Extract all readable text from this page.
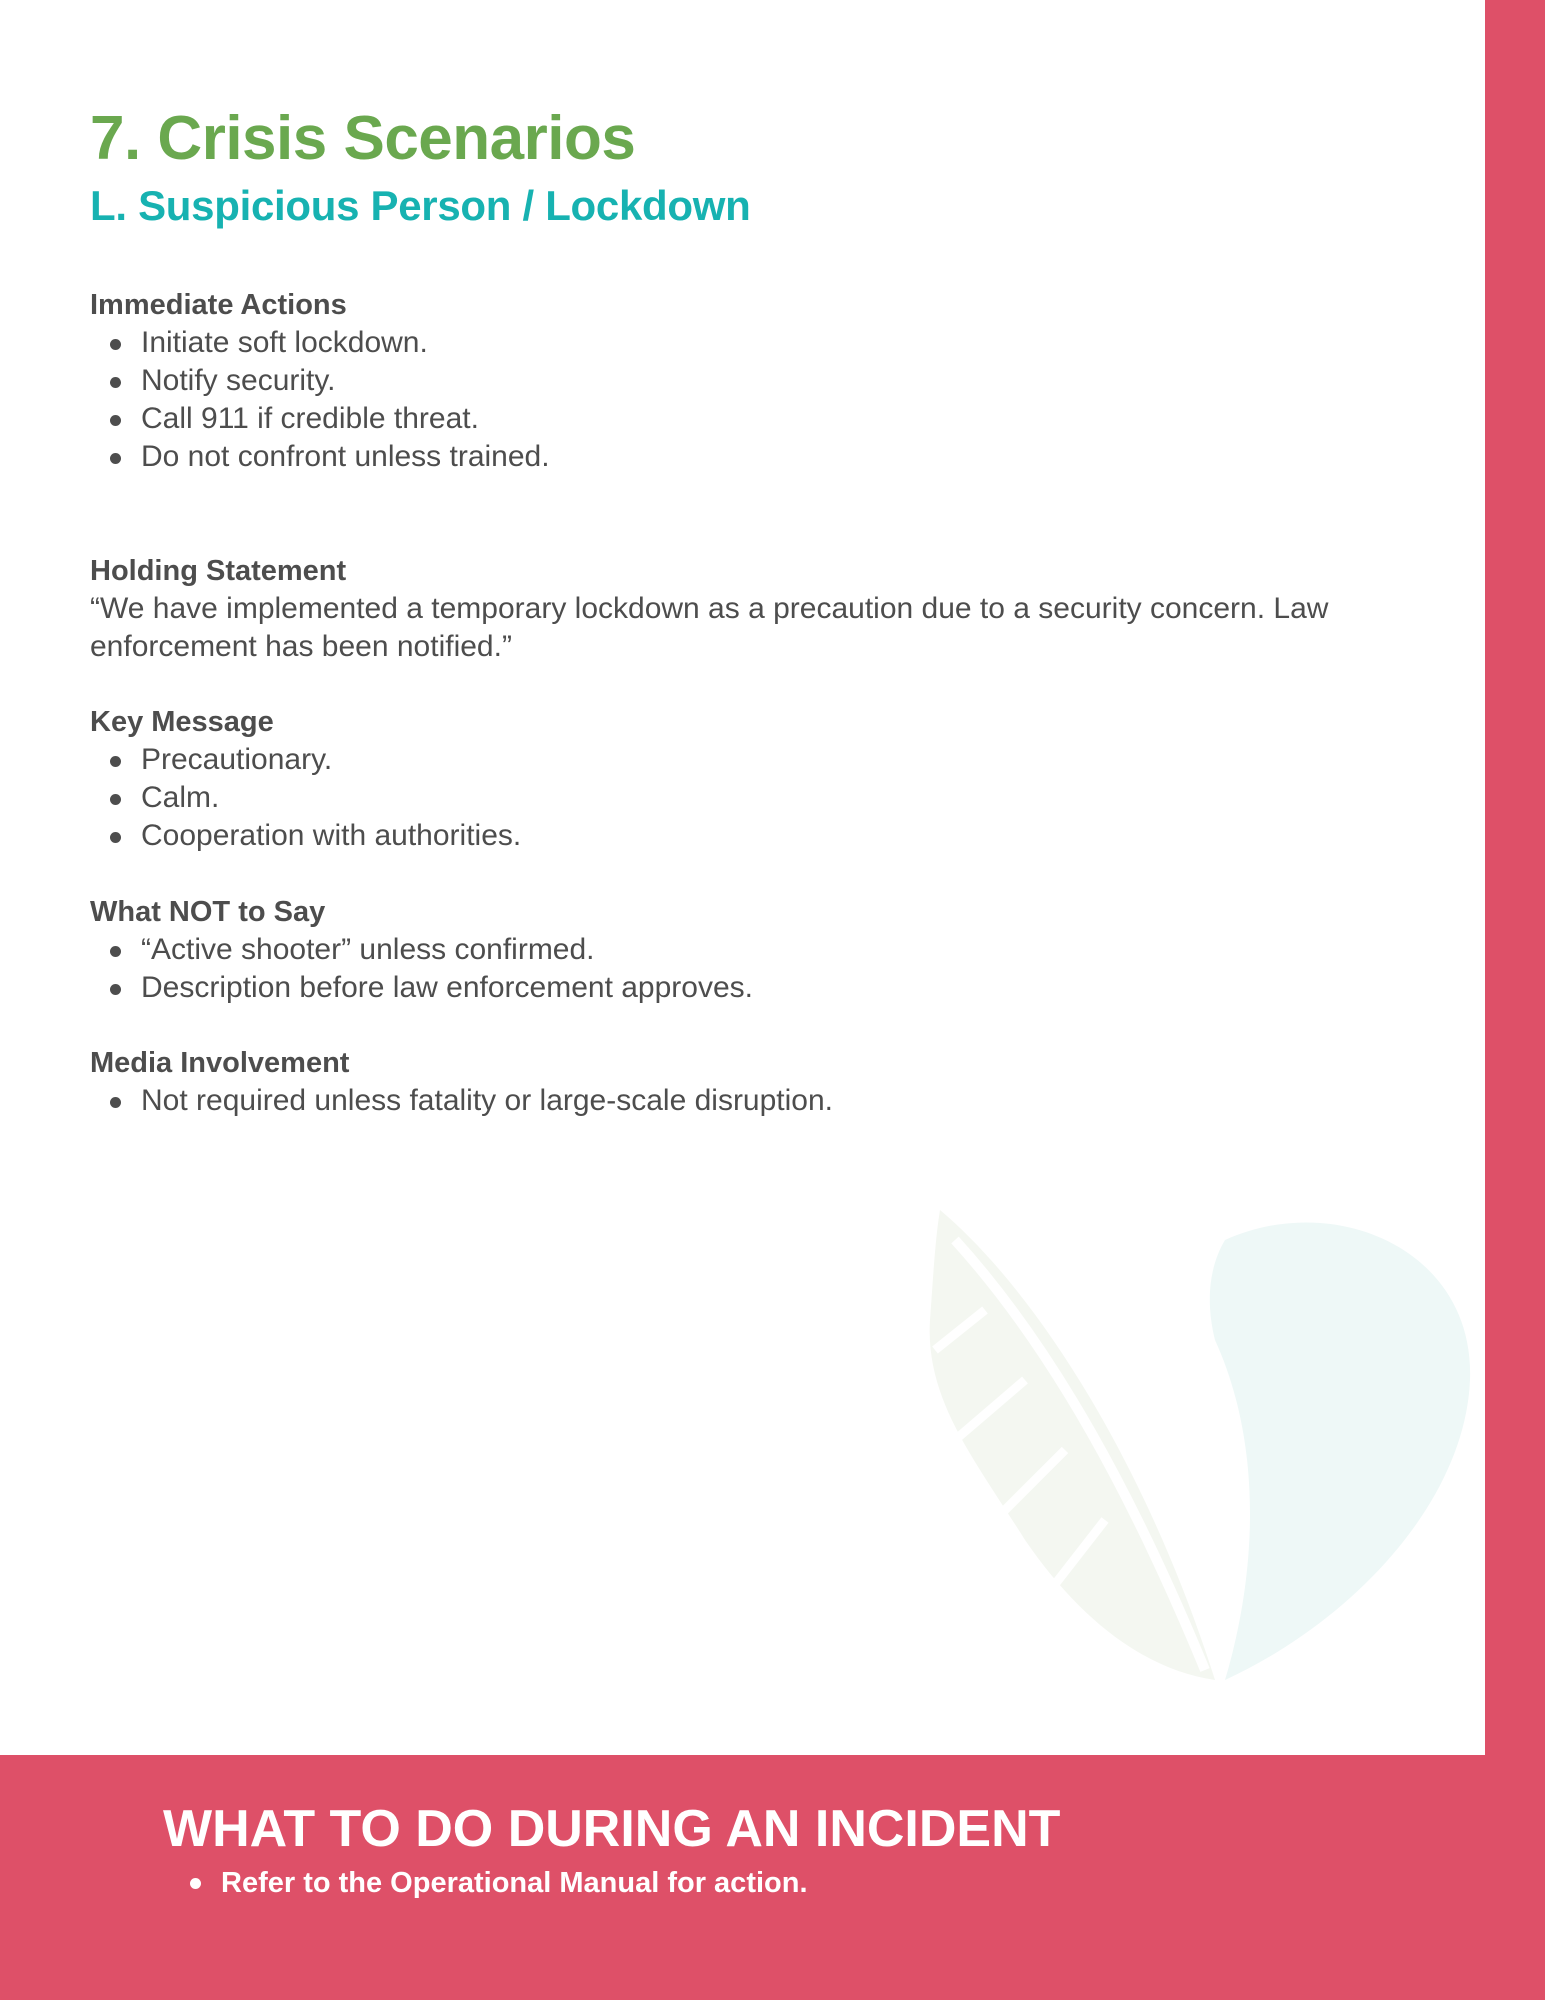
7. Crisis Scenarios
L. Suspicious Person / Lockdown
Immediate Actions
Initiate soft lockdown.
Notify security.
Call 911 if credible threat.
Do not confront unless trained.
Holding Statement

“We have implemented a temporary lockdown as a precaution due to a security concern. Law enforcement has been notified.”

Key Message
Precautionary.
Calm.
Cooperation with authorities.
What NOT to Say
“Active shooter” unless confirmed.
Description before law enforcement approves.
Media Involvement
Not required unless fatality or large-scale disruption.
WHAT TO DO DURING AN INCIDENT
Refer to the Operational Manual for action.
